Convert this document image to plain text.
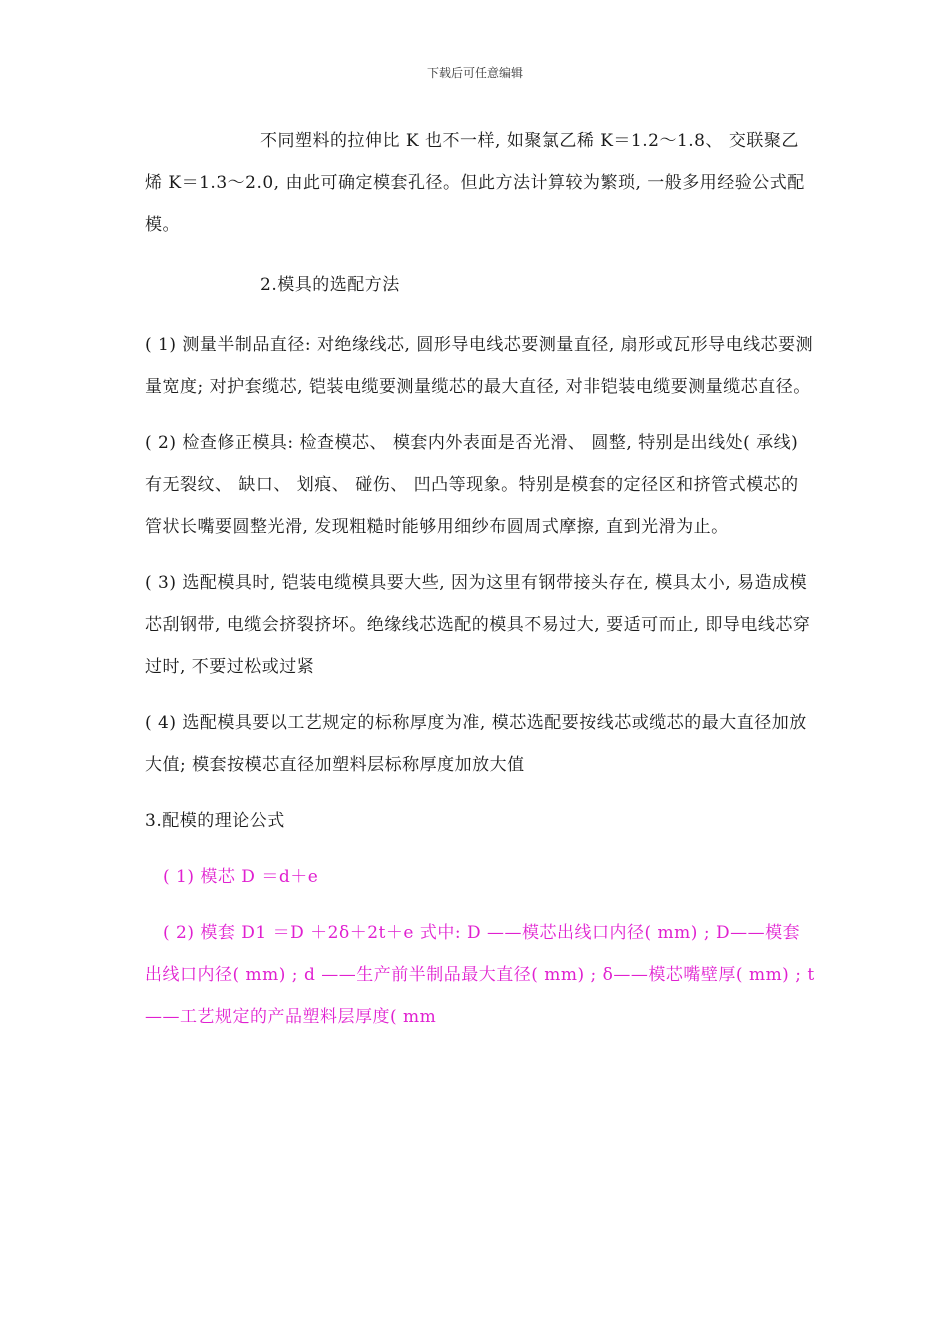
下载后可任意编辑

不同塑料的拉伸比 K 也不一样, 如聚氯乙稀 K＝1.2～1.8、 交联聚乙烯 K＝1.3～2.0, 由此可确定模套孔径。但此方法计算较为繁琐, 一般多用经验公式配模。

2.模具的选配方法

( 1) 测量半制品直径: 对绝缘线芯, 圆形导电线芯要测量直径, 扇形或瓦形导电线芯要测量宽度; 对护套缆芯, 铠装电缆要测量缆芯的最大直径, 对非铠装电缆要测量缆芯直径。

( 2) 检查修正模具: 检查模芯、 模套内外表面是否光滑、 圆整, 特别是出线处( 承线) 有无裂纹、 缺口、 划痕、 碰伤、 凹凸等现象。特别是模套的定径区和挤管式模芯的管状长嘴要圆整光滑, 发现粗糙时能够用细纱布圆周式摩擦, 直到光滑为止。

( 3) 选配模具时, 铠装电缆模具要大些, 因为这里有钢带接头存在, 模具太小, 易造成模芯刮钢带, 电缆会挤裂挤坏。绝缘线芯选配的模具不易过大, 要适可而止, 即导电线芯穿过时, 不要过松或过紧

( 4) 选配模具要以工艺规定的标称厚度为准, 模芯选配要按线芯或缆芯的最大直径加放大值; 模套按模芯直径加塑料层标称厚度加放大值

3.配模的理论公式

( 1) 模芯 D ＝d＋e

( 2) 模套 D1 ＝D ＋2δ＋2t＋e 式中: D ——模芯出线口内径( mm) ; D——模套出线口内径( mm) ; d ——生产前半制品最大直径( mm) ; δ——模芯嘴壁厚( mm) ; t——工艺规定的产品塑料层厚度( mm
